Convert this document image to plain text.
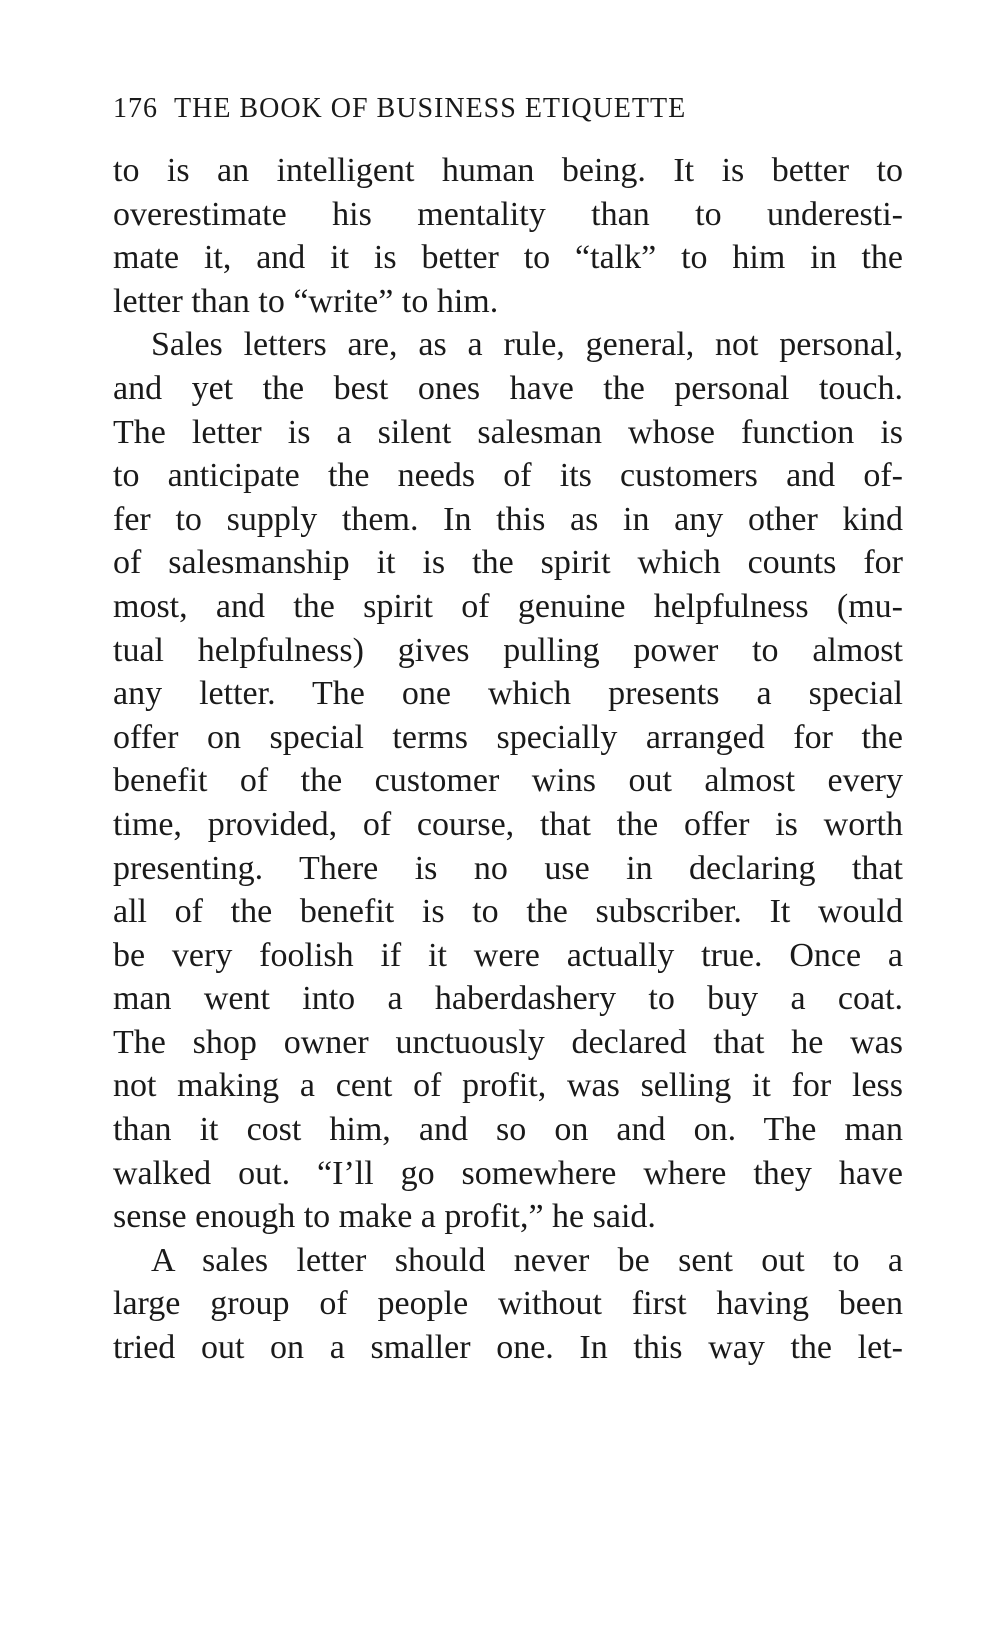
176 THE BOOK OF BUSINESS ETIQUETTE
to is an intelligent human being. It is better to
overestimate his mentality than to underesti-
mate it, and it is better to “talk” to him in the
letter than to “write” to him.
Sales letters are, as a rule, general, not personal,
and yet the best ones have the personal touch.
The letter is a silent salesman whose function is
to anticipate the needs of its customers and of-
fer to supply them. In this as in any other kind
of salesmanship it is the spirit which counts for
most, and the spirit of genuine helpfulness (mu-
tual helpfulness) gives pulling power to almost
any letter. The one which presents a special
offer on special terms specially arranged for the
benefit of the customer wins out almost every
time, provided, of course, that the offer is worth
presenting. There is no use in declaring that
all of the benefit is to the subscriber. It would
be very foolish if it were actually true. Once a
man went into a haberdashery to buy a coat.
The shop owner unctuously declared that he was
not making a cent of profit, was selling it for less
than it cost him, and so on and on. The man
walked out. “I’ll go somewhere where they have
sense enough to make a profit,” he said.
A sales letter should never be sent out to a
large group of people without first having been
tried out on a smaller one. In this way the let-
